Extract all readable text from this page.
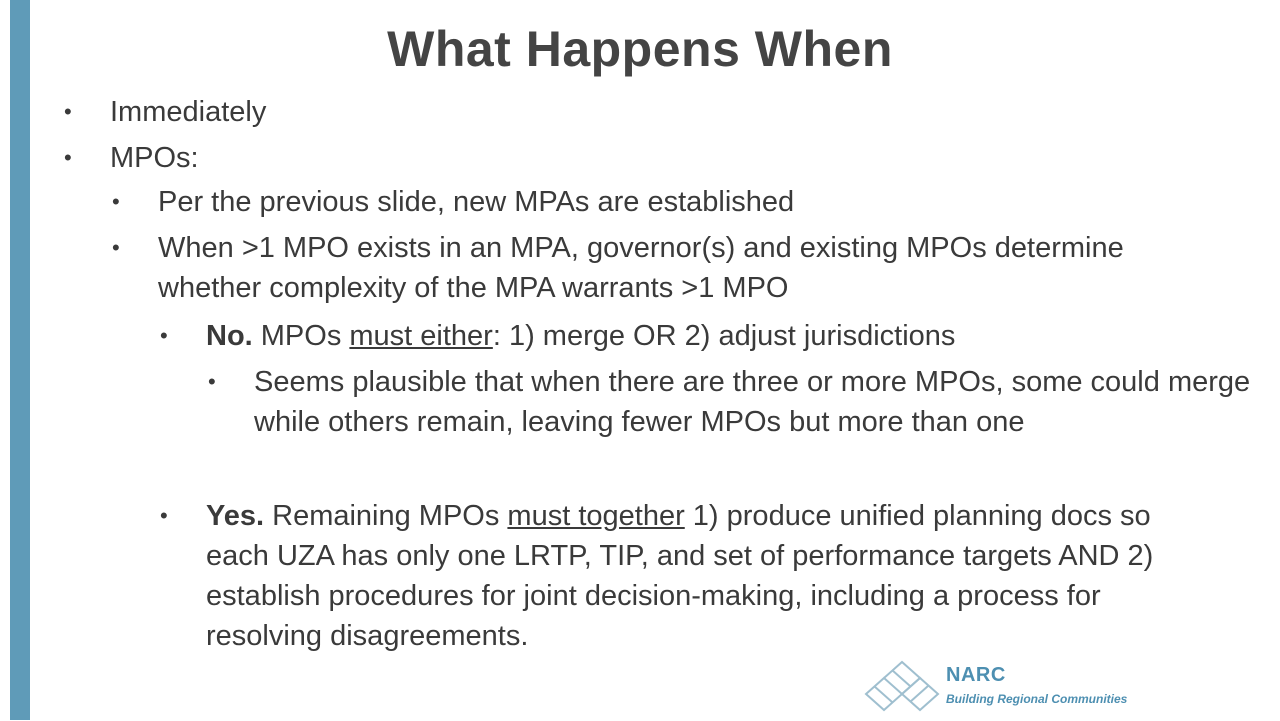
What Happens When
• Immediately
• MPOs:
• Per the previous slide, new MPAs are established
• When >1 MPO exists in an MPA, governor(s) and existing MPOs determine whether complexity of the MPA warrants >1 MPO
• No. MPOs must either: 1) merge OR 2) adjust jurisdictions
• Seems plausible that when there are three or more MPOs, some could merge while others remain, leaving fewer MPOs but more than one
• Yes. Remaining MPOs must together 1) produce unified planning docs so each UZA has only one LRTP, TIP, and set of performance targets AND 2) establish procedures for joint decision-making, including a process for resolving disagreements.
NARC
Building Regional Communities
